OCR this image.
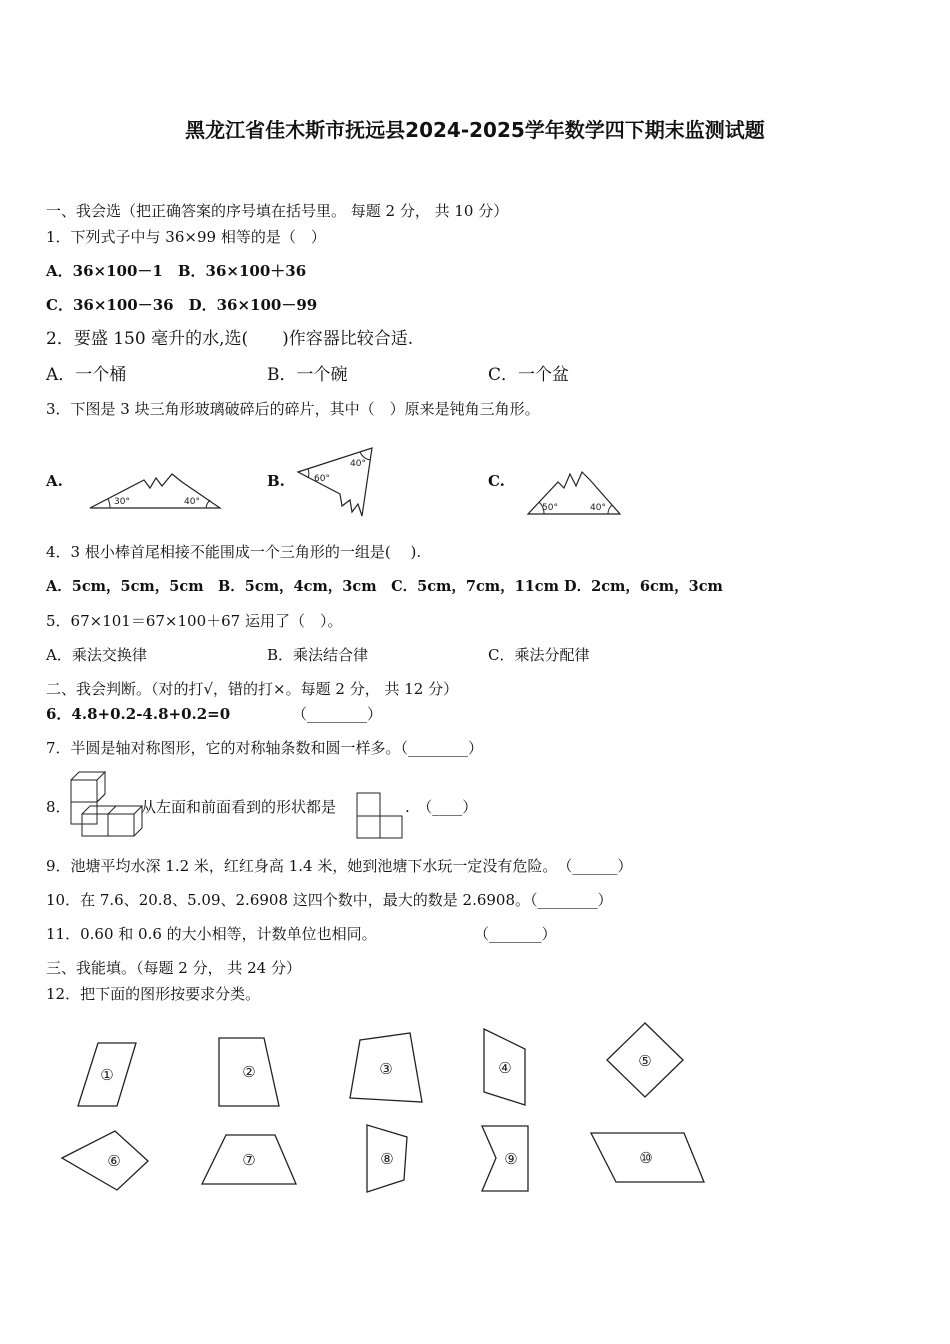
黑龙江省佳木斯市抚远县2024-2025学年数学四下期末监测试题
一、我会选（把正确答案的序号填在括号里。 每题 2 分， 共 10 分）
1．下列式子中与 36×99 相等的是（　）
A．36×100－1　B．36×100＋36
C．36×100－36　D．36×100－99
2．要盛 150 毫升的水,选(　　)作容器比较合适.
A．一个桶	B．一个碗	C．一个盆
3．下图是 3 块三角形玻璃破碎后的碎片，其中（　）原来是钝角三角形。
A.	B.	C.
30°	40°
60°
40°
50°	40°
4．3 根小棒首尾相接不能围成一个三角形的一组是(　 ).
A．5cm，5cm，5cm　B．5cm，4cm，3cm　C．5cm，7cm，11cm D．2cm，6cm，3cm
5．67×101＝67×100＋67 运用了（　）。
A．乘法交换律	B．乘法结合律	C．乘法分配律
二、我会判断。（对的打√，错的打×。每题 2 分， 共 12 分）
6．4.8+0.2-4.8+0.2=0	（________）
7．半圆是轴对称图形，它的对称轴条数和圆一样多。（________）
8．	从左面和前面看到的形状都是	.　（____）
9．池塘平均水深 1.2 米，红红身高 1.4 米，她到池塘下水玩一定没有危险。　（______）
10．在 7.6、20.8、5.09、2.6908 这四个数中，最大的数是 2.6908。（________）
11．0.60 和 0.6 的大小相等，计数单位也相同。	（_______）
三、我能填。（每题 2 分， 共 24 分）
12．把下面的图形按要求分类。
①	②	③	④	⑤
⑥	⑦	⑧	⑨	⑩
